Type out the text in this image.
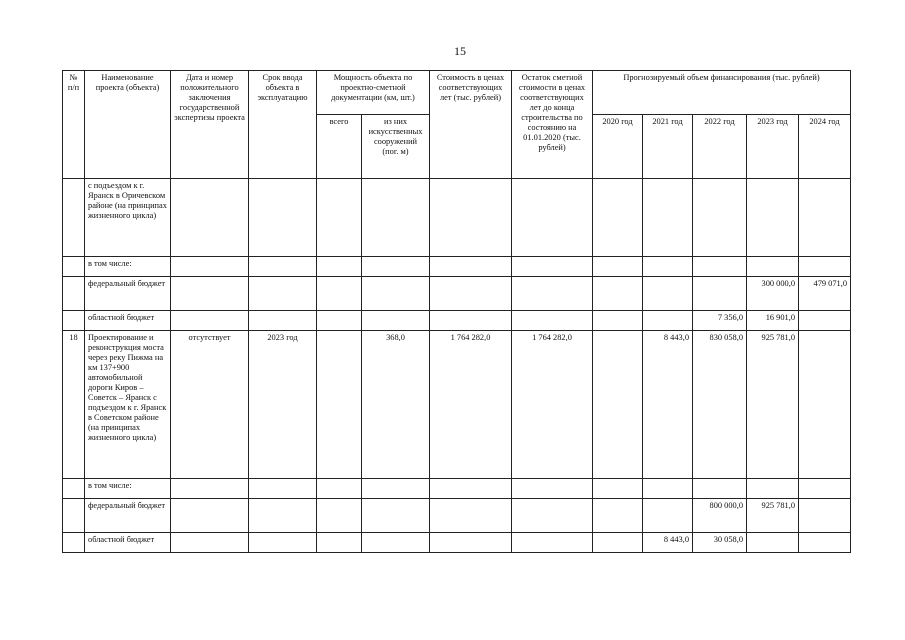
15
№ п/п	Наименование проекта (объекта)	Дата и номер положительного заключения государственной экспертизы проекта	Срок ввода объекта в эксплуатацию	Мощность объекта по проектно-сметной документации (км, шт.)		Стоимость в ценах соответствующих лет (тыс. рублей)	Остаток сметной стоимости в ценах соответствующих лет до конца строительства по состоянию на 01.01.2020 (тыс. рублей)	Прогнозируемый объем финансирования (тыс. рублей)				
				всего	из них искусственных сооружений (пог. м)			2020 год	2021 год	2022 год	2023 год	2024 год
	с подъездом к г. Яранск в Оричевском районе (на принципах жизненного цикла)											
	в том числе:											
	федеральный бюджет										300 000,0	479 071,0
	областной бюджет									7 356,0	16 901,0	
18	Проектирование и реконструкция моста через реку Пижма на км 137+900 автомобильной дороги Киров – Советск – Яранск с подъездом к г. Яранск в Советском районе (на принципах жизненного цикла)	отсутствует	2023 год		368,0	1 764 282,0	1 764 282,0		8 443,0	830 058,0	925 781,0	
	в том числе:											
	федеральный бюджет									800 000,0	925 781,0	
	областной бюджет								8 443,0	30 058,0		
